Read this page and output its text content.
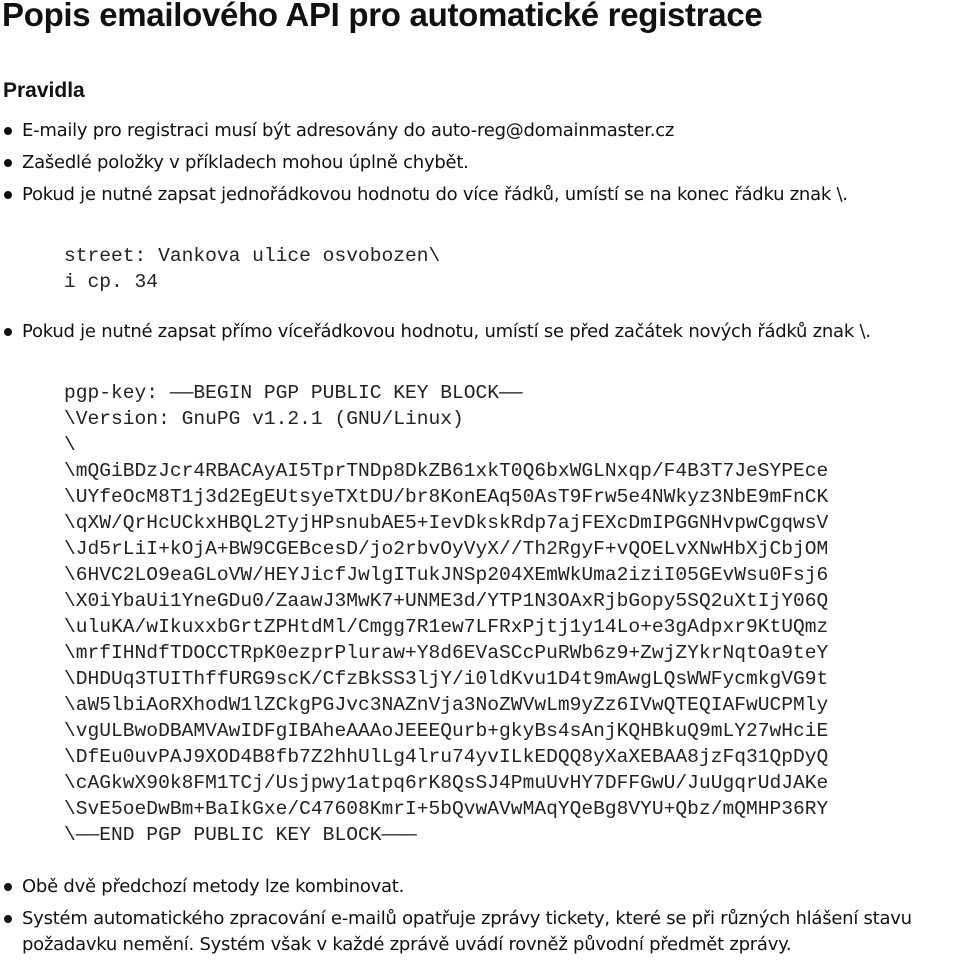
Popis emailového API pro automatické registrace
Pravidla
E-maily pro registraci musí být adresovány do auto-reg@domainmaster.cz
Zašedlé položky v příkladech mohou úplně chybět.
Pokud je nutné zapsat jednořádkovou hodnotu do více řádků, umístí se na konec řádku znak \.
Pokud je nutné zapsat přímo víceřádkovou hodnotu, umístí se před začátek nových řádků znak \.
Obě dvě předchozí metody lze kombinovat.
Systém automatického zpracování e-mailů opatřuje zprávy tickety, které se při různých hlášení stavu požadavku nemění. Systém však v každé zprávě uvádí rovněž původní předmět zprávy.
street: Vankova ulice osvobozen\
i cp. 34
pgp-key: ——BEGIN PGP PUBLIC KEY BLOCK——
\Version: GnuPG v1.2.1 (GNU/Linux)
\
\mQGiBDzJcr4RBACAyAI5TprTNDp8DkZB61xkT0Q6bxWGLNxqp/F4B3T7JeSYPEce
\UYfeOcM8T1j3d2EgEUtsyeTXtDU/br8KonEAq50AsT9Frw5e4NWkyz3NbE9mFnCK
\qXW/QrHcUCkxHBQL2TyjHPsnubAE5+IevDkskRdp7ajFEXcDmIPGGNHvpwCgqwsV
\Jd5rLiI+kOjA+BW9CGEBcesD/jo2rbvOyVyX//Th2RgyF+vQOELvXNwHbXjCbjOM
\6HVC2LO9eaGLoVW/HEYJicfJwlgITukJNSp204XEmWkUma2iziI05GEvWsu0Fsj6
\X0iYbaUi1YneGDu0/ZaawJ3MwK7+UNME3d/YTP1N3OAxRjbGopy5SQ2uXtIjY06Q
\uluKA/wIkuxxbGrtZPHtdMl/Cmgg7R1ew7LFRxPjtj1y14Lo+e3gAdpxr9KtUQmz
\mrfIHNdfTDOCCTRpK0ezprPluraw+Y8d6EVaSCcPuRWb6z9+ZwjZYkrNqtOa9teY
\DHDUq3TUIThffURG9scK/CfzBkSS3ljY/i0ldKvu1D4t9mAwgLQsWWFycmkgVG9t
\aW5lbiAoRXhodW1lZCkgPGJvc3NAZnVja3NoZWVwLm9yZz6IVwQTEQIAFwUCPMly
\vgULBwoDBAMVAwIDFgIBAheAAAoJEEEQurb+gkyBs4sAnjKQHBkuQ9mLY27wHciE
\DfEu0uvPAJ9XOD4B8fb7Z2hhUlLg4lru74yvILkEDQQ8yXaXEBAA8jzFq31QpDyQ
\cAGkwX90k8FM1TCj/Usjpwy1atpq6rK8QsSJ4PmuUvHY7DFFGwU/JuUgqrUdJAKe
\SvE5oeDwBm+BaIkGxe/C47608KmrI+5bQvwAVwMAqYQeBg8VYU+Qbz/mQMHP36RY
\——END PGP PUBLIC KEY BLOCK———
